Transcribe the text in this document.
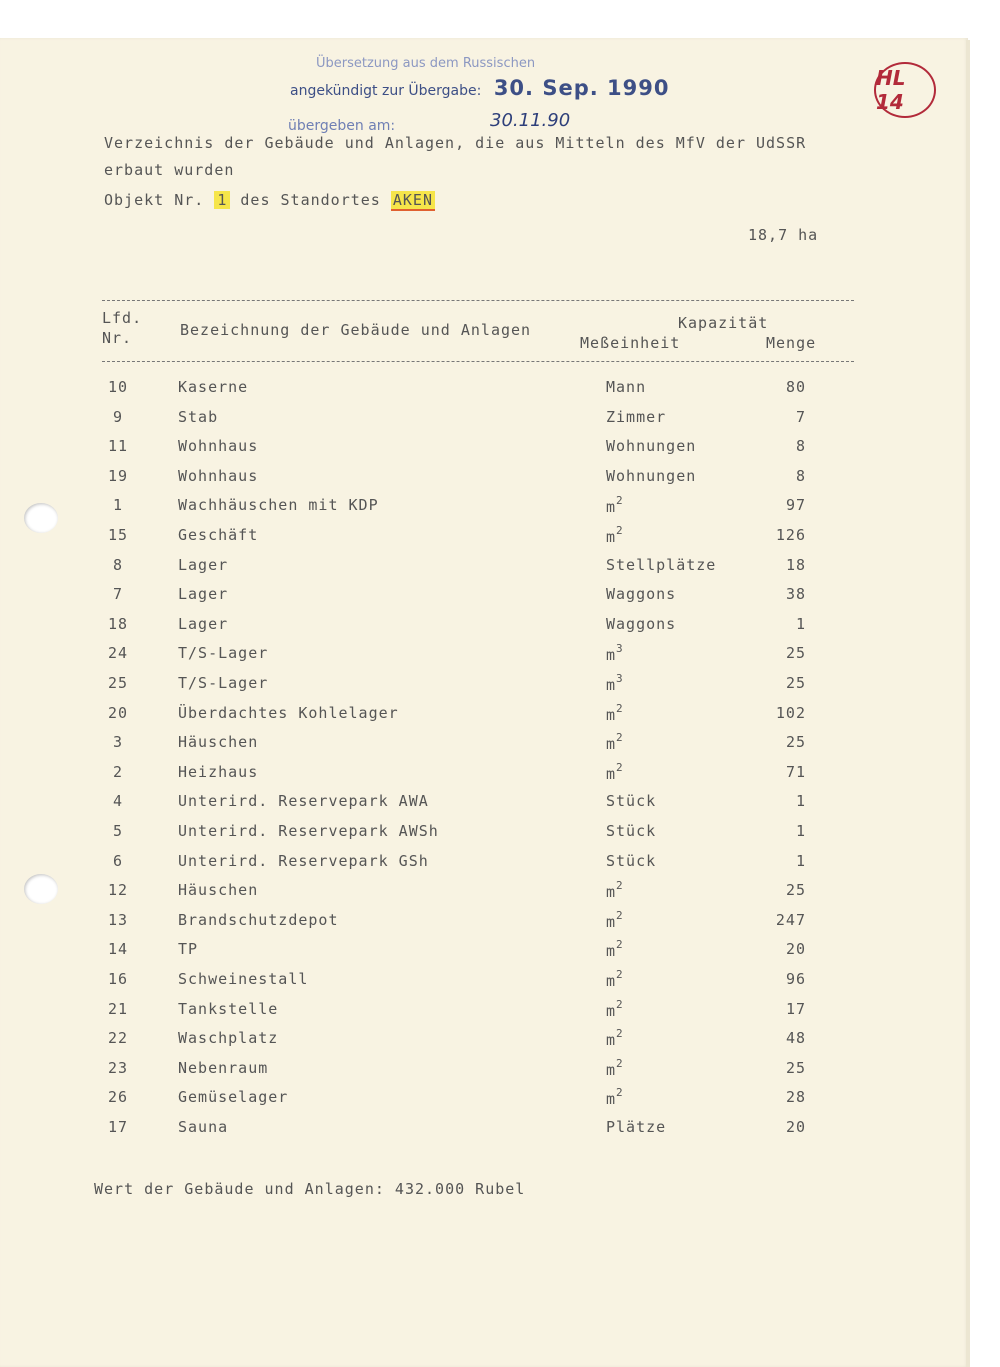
Übersetzung aus dem Russischen
angekündigt zur Übergabe: 30. Sep. 1990
übergeben am:	30.11.90
HL 14
Verzeichnis der Gebäude und Anlagen, die aus Mitteln des MfV der UdSSR
erbaut wurden
Objekt Nr. 1 des Standortes AKEN
18,7 ha
Lfd.
Nr.	Bezeichnung der Gebäude und Anlagen	Kapazität
Meßeinheit	Menge
10	Kaserne	Mann	80
9	Stab	Zimmer	7
11	Wohnhaus	Wohnungen	8
19	Wohnhaus	Wohnungen	8
1	Wachhäuschen mit KDP	$m^2$	97
15	Geschäft	$m^2$	126
8	Lager	Stellplätze	18
7	Lager	Waggons	38
18	Lager	Waggons	1
24	T/S-Lager	$m^3$	25
25	T/S-Lager	$m^3$	25
20	Überdachtes Kohlelager	$m^2$	102
3	Häuschen	$m^2$	25
2	Heizhaus	$m^2$	71
4	Unterird. Reservepark AWA	Stück	1
5	Unterird. Reservepark AWSh	Stück	1
6	Unterird. Reservepark GSh	Stück	1
12	Häuschen	$m^2$	25
13	Brandschutzdepot	$m^2$	247
14	TP	$m^2$	20
16	Schweinestall	$m^2$	96
21	Tankstelle	$m^2$	17
22	Waschplatz	$m^2$	48
23	Nebenraum	$m^2$	25
26	Gemüselager	$m^2$	28
17	Sauna	Plätze	20
Wert der Gebäude und Anlagen: 432.000 Rubel
